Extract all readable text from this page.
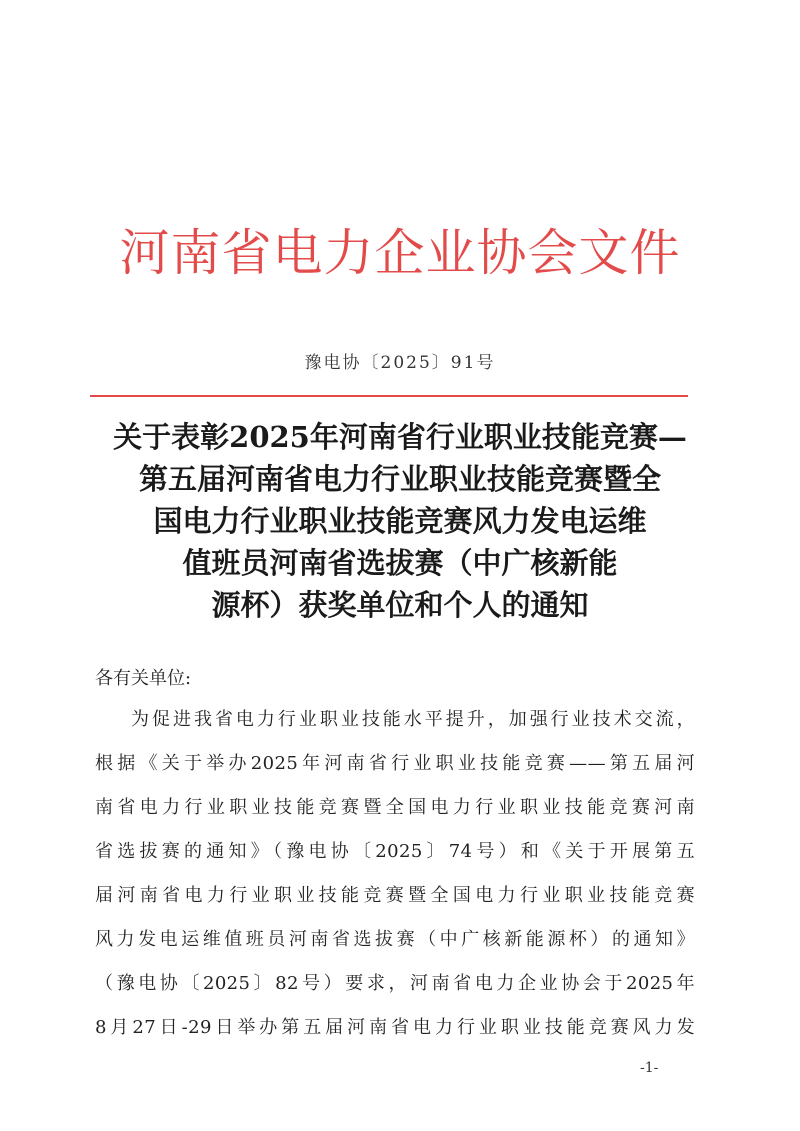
河南省电力企业协会文件
豫电协〔2025〕91号
关于表彰2025年河南省行业职业技能竞赛—
第五届河南省电力行业职业技能竞赛暨全
国电力行业职业技能竞赛风力发电运维
值班员河南省选拔赛（中广核新能
源杯）获奖单位和个人的通知
各有关单位:
为促进我省电力行业职业技能水平提升，加强行业技术交流，
根据《关于举办2025年河南省行业职业技能竞赛——第五届河
南省电力行业职业技能竞赛暨全国电力行业职业技能竞赛河南
省选拔赛的通知》（豫电协〔2025〕74号）和《关于开展第五
届河南省电力行业职业技能竞赛暨全国电力行业职业技能竞赛
风力发电运维值班员河南省选拔赛（中广核新能源杯）的通知》
（豫电协〔2025〕82号）要求，河南省电力企业协会于2025年
8月27日-29日举办第五届河南省电力行业职业技能竞赛风力发
-1-
